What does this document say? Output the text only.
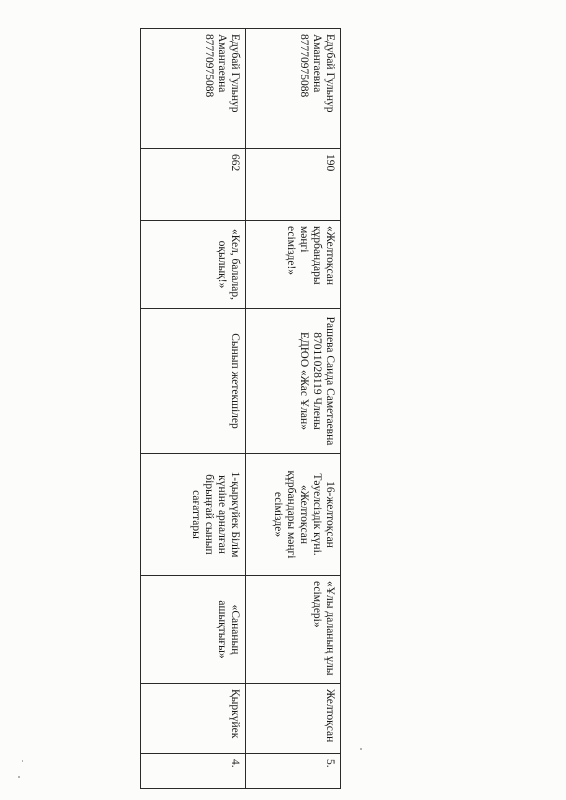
Едубай Гульнур Амангаевна 87770975088	190	«Желтоқсан құрбандары мәңгі есімізде!»	Рашева Саида Саметаевна 87011028119 Члены ЕДЮО «Жас Ұлан»	16-желтоқсан Тәуелсіздік күні. «Желтоқсан құрбандары мәңгі есімізде»	«Ұлы даланың ұлы есімдері»	Желтоқсан	5.
Едубай Гульнур Амангаевна 87770975088	662	«Кел, балалар, оқылық!»	Сынып жетекшілер	1-қыркүйек Білім күніне арналған бірыңғай сынып сағаттары	«Сананың ашықтығы»	Қыркүйек	4.
